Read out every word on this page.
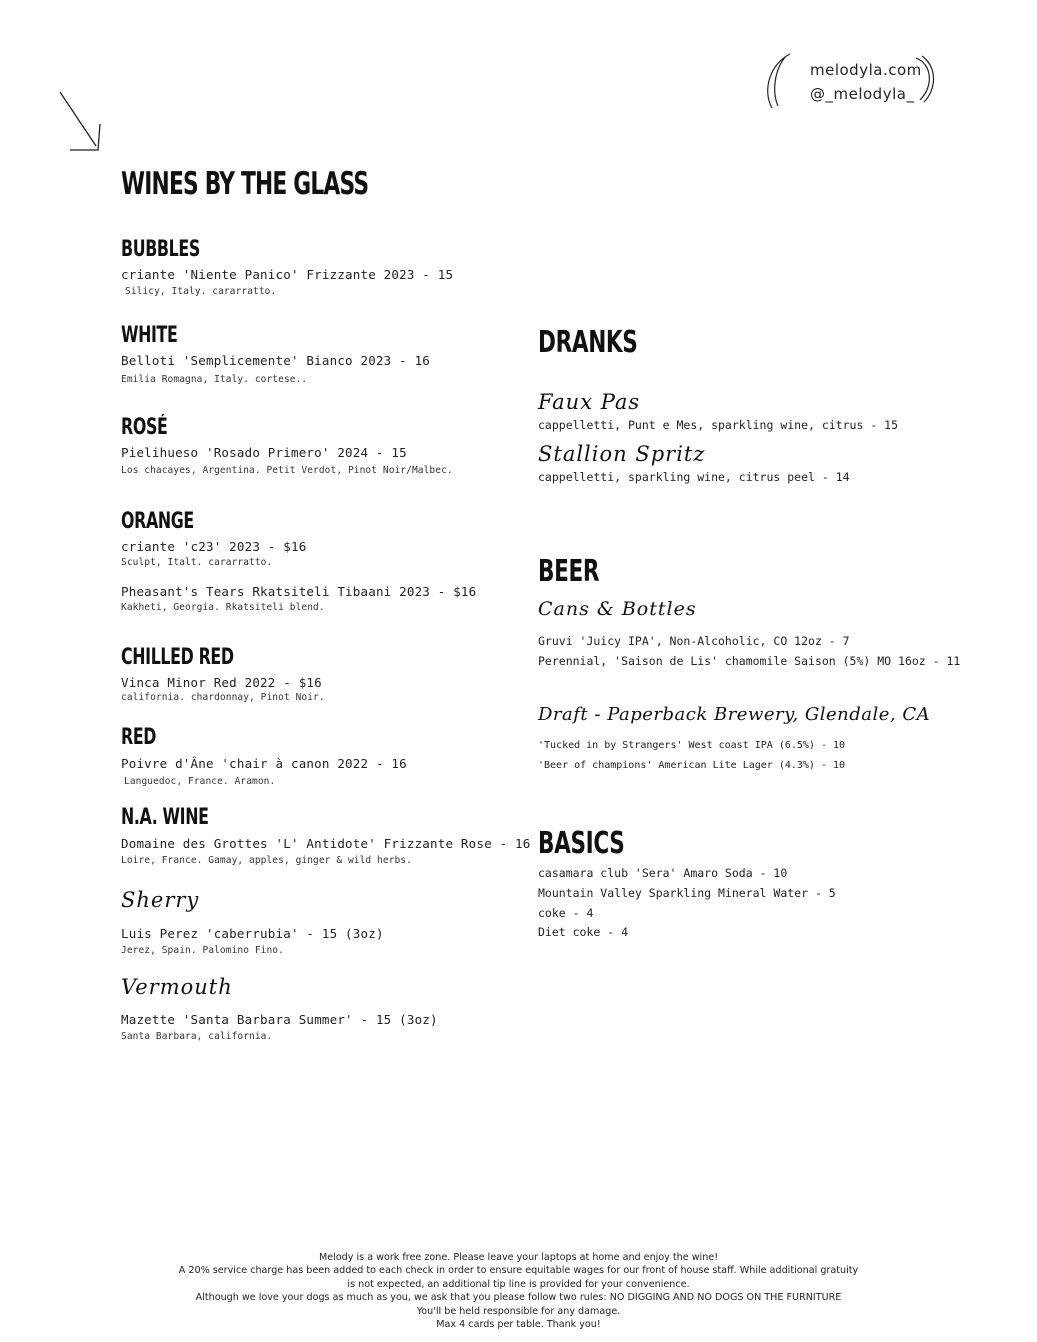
melodyla.com
@_melodyla_
WINES BY THE GLASS
BUBBLES
criante 'Niente Panico' Frizzante 2023 - 15
Silicy, Italy. cararratto.
WHITE
Belloti 'Semplicemente' Bianco 2023 - 16
Emilia Romagna, Italy. cortese..
ROSÉ
Pielihueso 'Rosado Primero' 2024 - 15
Los chacayes, Argentina. Petit Verdot, Pinot Noir/Malbec.
ORANGE
criante 'c23' 2023 - $16
Sculpt, Italt. cararratto.
Pheasant's Tears Rkatsiteli Tibaani 2023 - $16
Kakheti, Georgia. Rkatsiteli blend.
CHILLED RED
Vinca Minor Red 2022 - $16
california. chardonnay, Pinot Noir.
RED
Poivre d'Âne 'chair à canon 2022 - 16
Languedoc, France. Aramon.
N.A. WINE
Domaine des Grottes 'L' Antidote' Frizzante Rose - 16
Loire, France. Gamay, apples, ginger & wild herbs.
Sherry
Luis Perez 'caberrubia' - 15 (3oz)
Jerez, Spain. Palomino Fino.
Vermouth
Mazette 'Santa Barbara Summer' - 15 (3oz)
Santa Barbara, california.
DRANKS
Faux Pas
cappelletti, Punt e Mes, sparkling wine, citrus - 15
Stallion Spritz
cappelletti, sparkling wine, citrus peel - 14
BEER
Cans & Bottles
Gruvi 'Juicy IPA', Non-Alcoholic, CO 12oz - 7
Perennial, 'Saison de Lis' chamomile Saison (5%) MO 16oz - 11
Draft - Paperback Brewery, Glendale, CA
'Tucked in by Strangers' West coast IPA (6.5%) - 10
'Beer of champions' American Lite Lager (4.3%) - 10
BASICS
casamara club 'Sera' Amaro Soda - 10
Mountain Valley Sparkling Mineral Water - 5
coke - 4
Diet coke - 4
Melody is a work free zone. Please leave your laptops at home and enjoy the wine!
A 20% service charge has been added to each check in order to ensure equitable wages for our front of house staff. While additional gratuity
is not expected, an additional tip line is provided for your convenience.
Although we love your dogs as much as you, we ask that you please follow two rules: NO DIGGING AND NO DOGS ON THE FURNITURE
You'll be held responsible for any damage.
Max 4 cards per table. Thank you!
